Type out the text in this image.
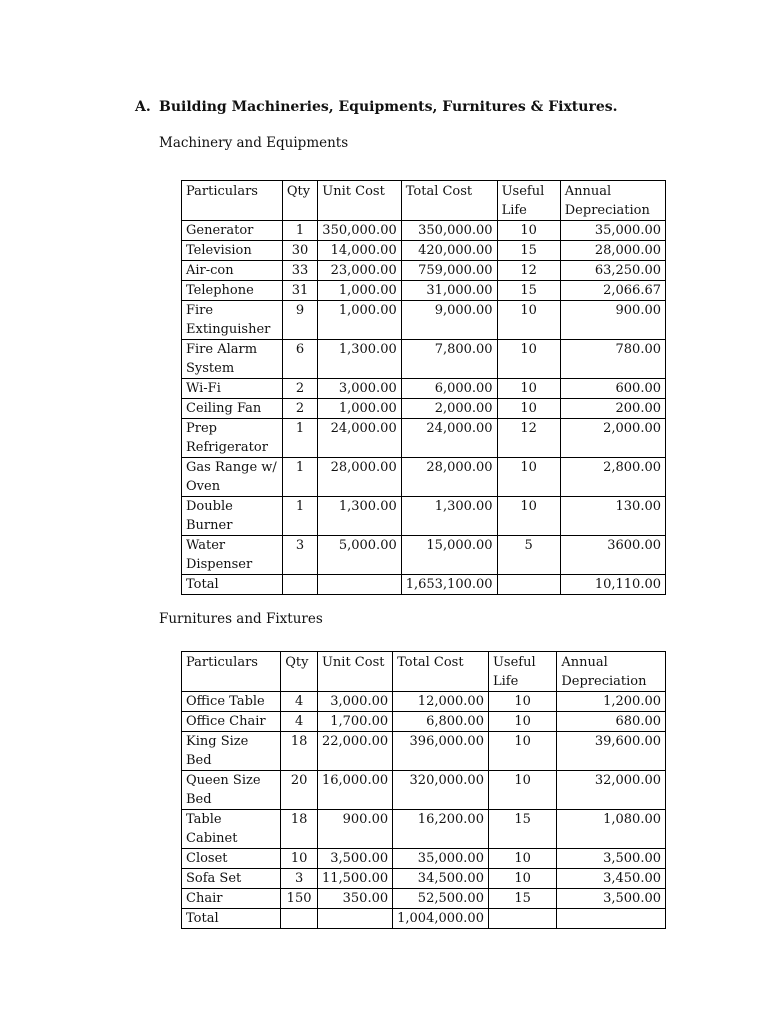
A. Building Machineries, Equipments, Furnitures & Fixtures.
Machinery and Equipments
Particulars	Qty	Unit Cost	Total Cost	Useful Life	Annual Depreciation
Generator	1	350,000.00	350,000.00	10	35,000.00
Television	30	14,000.00	420,000.00	15	28,000.00
Air-con	33	23,000.00	759,000.00	12	63,250.00
Telephone	31	1,000.00	31,000.00	15	2,066.67
Fire Extinguisher	9	1,000.00	9,000.00	10	900.00
Fire Alarm System	6	1,300.00	7,800.00	10	780.00
Wi-Fi	2	3,000.00	6,000.00	10	600.00
Ceiling Fan	2	1,000.00	2,000.00	10	200.00
Prep Refrigerator	1	24,000.00	24,000.00	12	2,000.00
Gas Range w/ Oven	1	28,000.00	28,000.00	10	2,800.00
Double Burner	1	1,300.00	1,300.00	10	130.00
Water Dispenser	3	5,000.00	15,000.00	5	3600.00
Total			1,653,100.00		10,110.00
Furnitures and Fixtures
Particulars	Qty	Unit Cost	Total Cost	Useful Life	Annual Depreciation
Office Table	4	3,000.00	12,000.00	10	1,200.00
Office Chair	4	1,700.00	6,800.00	10	680.00
King Size Bed	18	22,000.00	396,000.00	10	39,600.00
Queen Size Bed	20	16,000.00	320,000.00	10	32,000.00
Table Cabinet	18	900.00	16,200.00	15	1,080.00
Closet	10	3,500.00	35,000.00	10	3,500.00
Sofa Set	3	11,500.00	34,500.00	10	3,450.00
Chair	150	350.00	52,500.00	15	3,500.00
Total			1,004,000.00		
